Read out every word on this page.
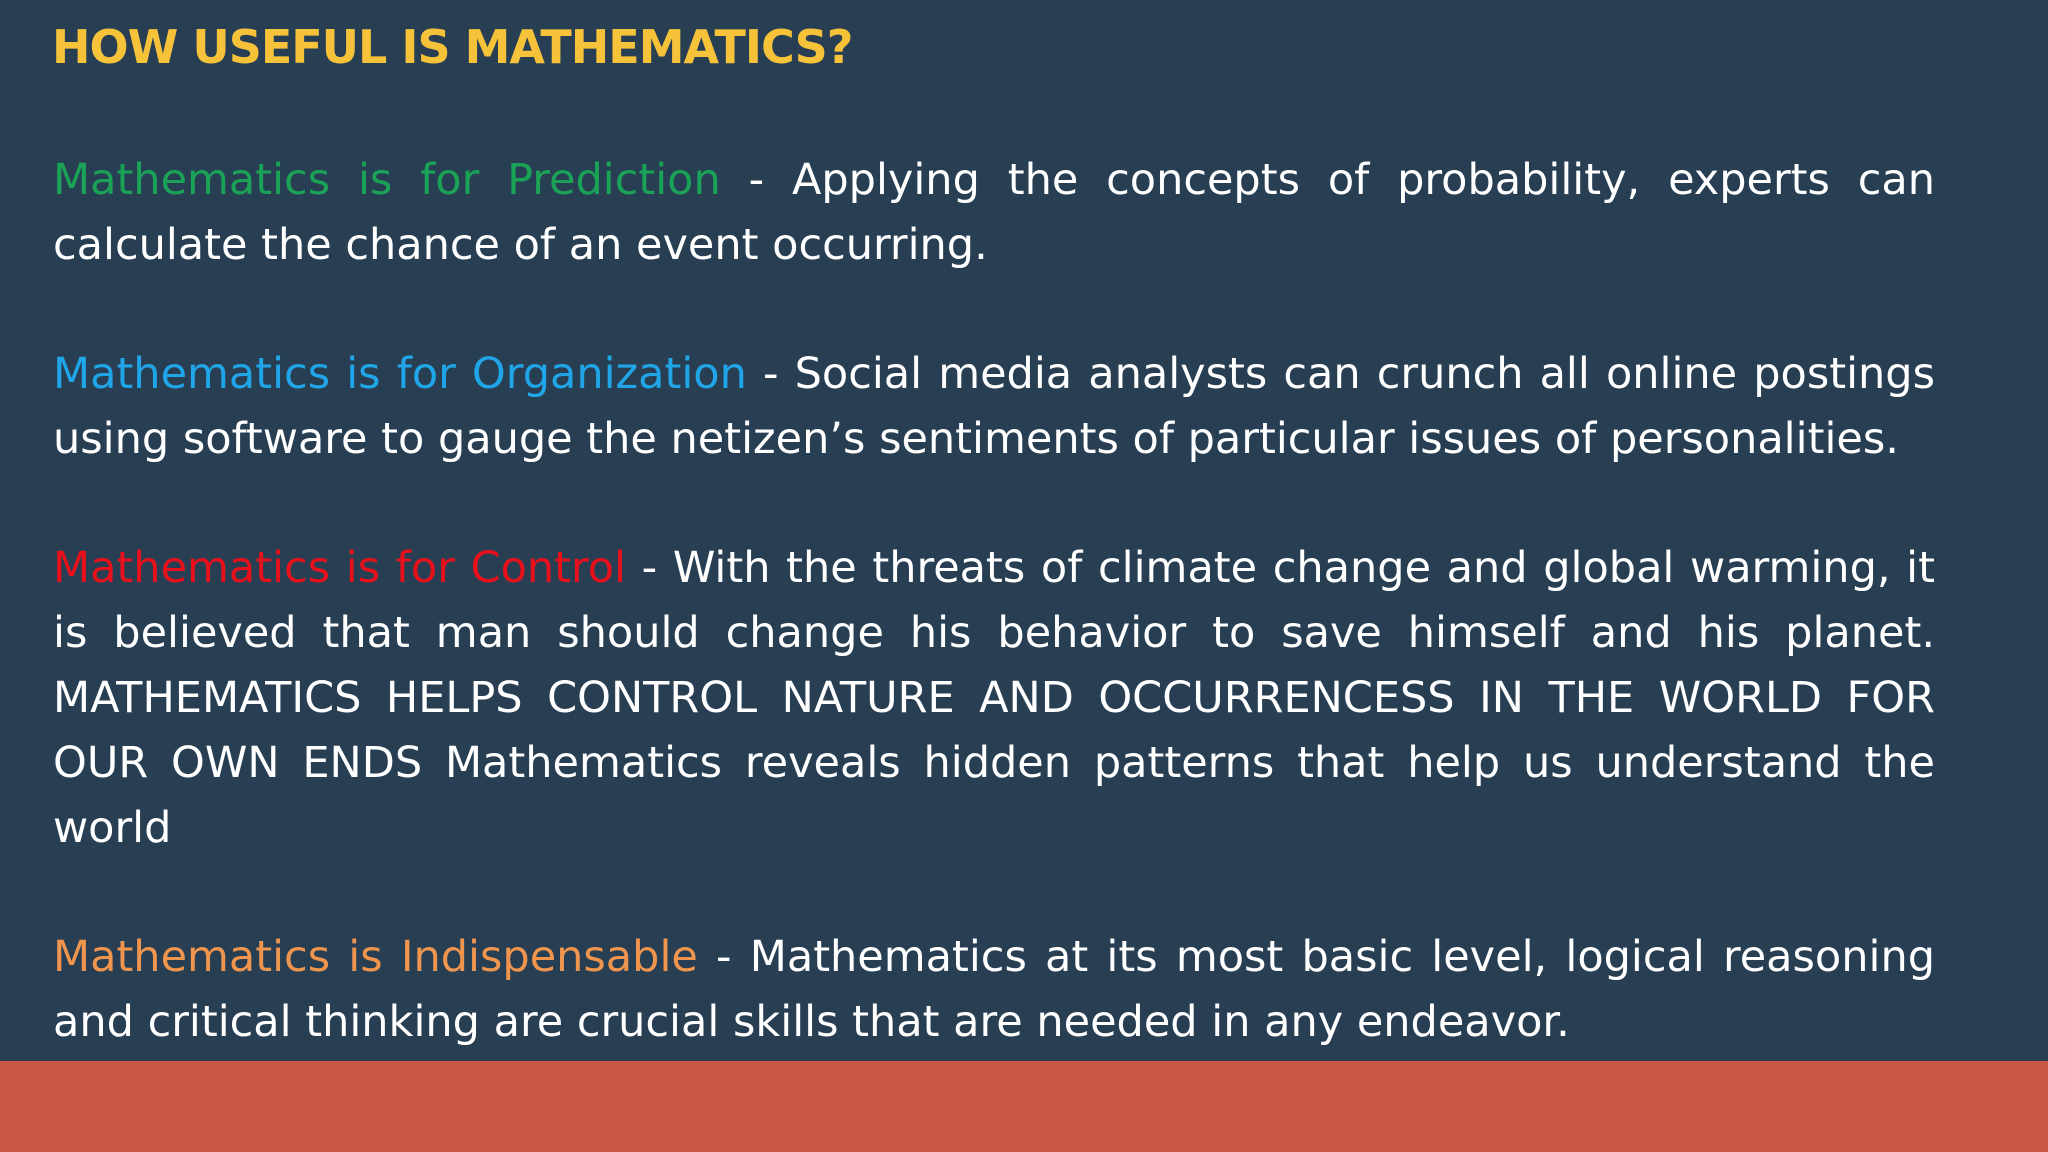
HOW USEFUL IS MATHEMATICS?

Mathematics is for Prediction - Applying the concepts of probability, experts can calculate the chance of an event occurring.

Mathematics is for Organization - Social media analysts can crunch all online postings using software to gauge the netizen’s sentiments of particular issues of personalities.

Mathematics is for Control - With the threats of climate change and global warming, it is believed that man should change his behavior to save himself and his planet. MATHEMATICS HELPS CONTROL NATURE AND OCCURRENCESS IN THE WORLD FOR OUR OWN ENDS Mathematics reveals hidden patterns that help us understand the world

Mathematics is Indispensable - Mathematics at its most basic level, logical reasoning and critical thinking are crucial skills that are needed in any endeavor.
